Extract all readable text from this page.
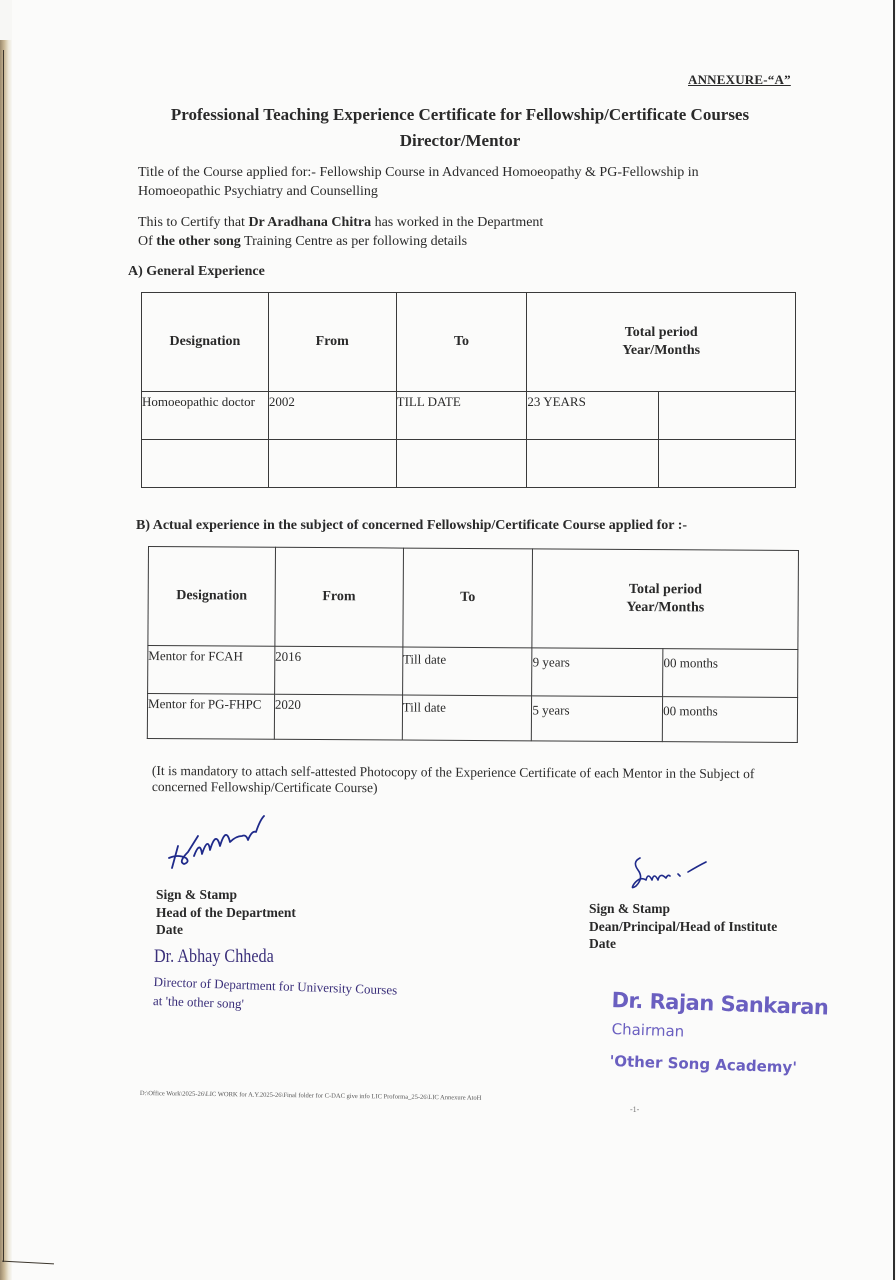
ANNEXURE-“A”
Professional Teaching Experience Certificate for Fellowship/Certificate Courses
Director/Mentor
Title of the Course applied for:- Fellowship Course in Advanced Homoeopathy & PG-Fellowship in Homoeopathic Psychiatry and Counselling
This to Certify that Dr Aradhana Chitra has worked in the Department
Of the other song Training Centre as per following details
A) General Experience
Designation	From	To	Total period
Year/Months	
Homoeopathic doctor	2002	TILL DATE	23 YEARS	

B) Actual experience in the subject of concerned Fellowship/Certificate Course applied for :-
Designation	From	To	Total period
Year/Months	
Mentor for FCAH	2016	Till date	9 years	00 months
Mentor for PG-FHPC	2020	Till date	5 years	00 months
(It is mandatory to attach self-attested Photocopy of the Experience Certificate of each Mentor in the Subject of concerned Fellowship/Certificate Course)
Sign & Stamp
Head of the Department
Date
Dr. Abhay Chheda
Director of Department for University Courses
at 'the other song'
Sign & Stamp
Dean/Principal/Head of Institute
Date
Dr. Rajan Sankaran
Chairman
'Other Song Academy'
D:\Office Work\2025-26\LIC WORK for A.Y.2025-26\Final folder for C-DAC give info LIC Proforma_25-26\LIC Annexure AtoH
-1-
